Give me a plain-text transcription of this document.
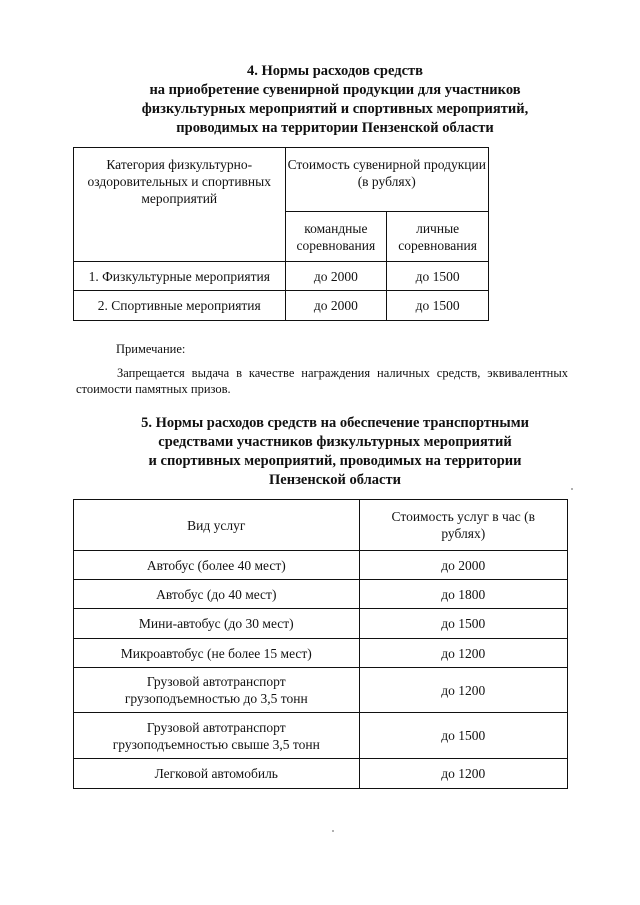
4. Нормы расходов средств
на приобретение сувенирной продукции для участников
физкультурных мероприятий и спортивных мероприятий,
проводимых на территории Пензенской области
Категория физкультурно-оздоровительных и спортивных мероприятий	Стоимость сувенирной продукции (в рублях)	
	командные соревнования	личные соревнования
1. Физкультурные мероприятия	до 2000	до 1500
2. Спортивные мероприятия	до 2000	до 1500
Примечание:
Запрещается выдача в качестве награждения наличных средств, эквивалентных стоимости памятных призов.
5. Нормы расходов средств на обеспечение транспортными
средствами участников физкультурных мероприятий
и спортивных мероприятий, проводимых на территории
Пензенской области
Вид услуг	Стоимость услуг в час (в рублях)
Автобус (более 40 мест)	до 2000
Автобус (до 40 мест)	до 1800
Мини-автобус (до 30 мест)	до 1500
Микроавтобус (не более 15 мест)	до 1200
Грузовой автотранспорт грузоподъемностью до 3,5 тонн	до 1200
Грузовой автотранспорт грузоподъемностью свыше 3,5 тонн	до 1500
Легковой автомобиль	до 1200
